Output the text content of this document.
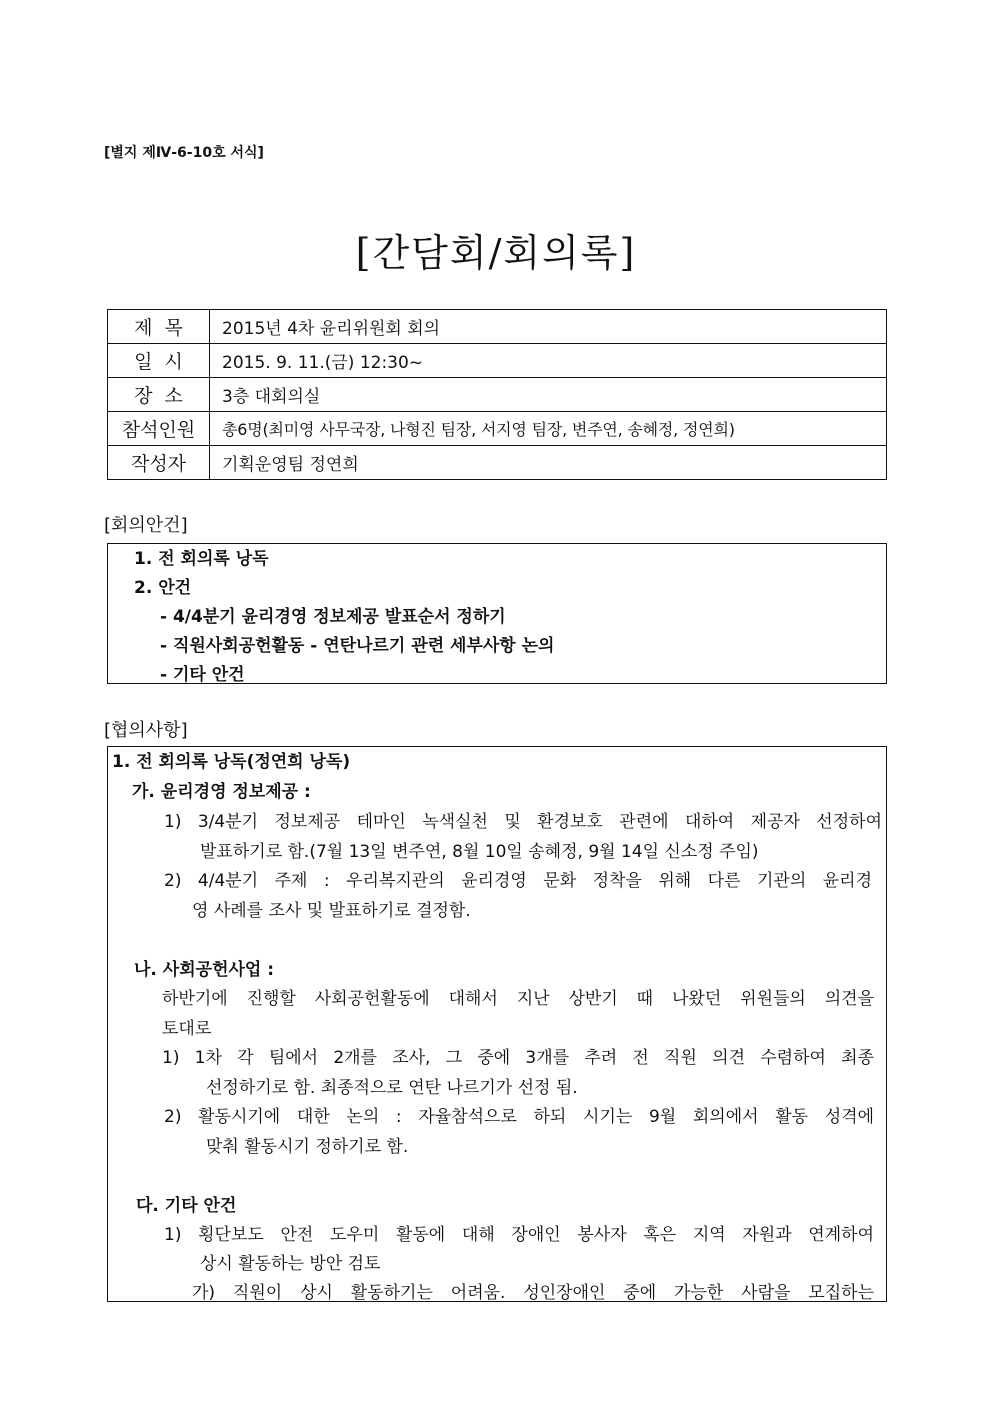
[별지 제Ⅳ-6-10호 서식]
[간담회/회의록]
제  목	2015년 4차 윤리위원회 회의
일  시	2015. 9. 11.(금) 12:30~
장  소	3층 대회의실
참석인원	총6명(최미영 사무국장, 나형진 팀장, 서지영 팀장, 변주연, 송혜정, 정연희)
작성자	기획운영팀 정연희
[회의안건]
1. 전 회의록 낭독
2. 안건
- 4/4분기 윤리경영 정보제공 발표순서 정하기
- 직원사회공헌활동 - 연탄나르기 관련 세부사항 논의
- 기타 안건
[협의사항]
1. 전 회의록 낭독(정연희 낭독)
가. 윤리경영 정보제공 :
1) 3/4분기 정보제공 테마인 녹색실천 및 환경보호 관련에 대하여 제공자 선정하여
발표하기로 함.(7월 13일 변주연, 8월 10일 송혜정, 9월 14일 신소정 주임)
2) 4/4분기 주제 : 우리복지관의 윤리경영 문화 정착을 위해 다른 기관의 윤리경
영 사례를 조사 및 발표하기로 결정함.
나. 사회공헌사업 :
하반기에 진행할 사회공헌활동에 대해서 지난 상반기 때 나왔던 위원들의 의견을
토대로
1) 1차 각 팀에서 2개를 조사, 그 중에 3개를 추려 전 직원 의견 수렴하여 최종
선정하기로 함. 최종적으로 연탄 나르기가 선정 됨.
2) 활동시기에 대한 논의 : 자율참석으로 하되 시기는 9월 회의에서 활동 성격에
맞춰 활동시기 정하기로 함.
다. 기타 안건
1) 횡단보도 안전 도우미 활동에 대해 장애인 봉사자 혹은 지역 자원과 연계하여
상시 활동하는 방안 검토
가) 직원이 상시 활동하기는 어려움. 성인장애인 중에 가능한 사람을 모집하는
